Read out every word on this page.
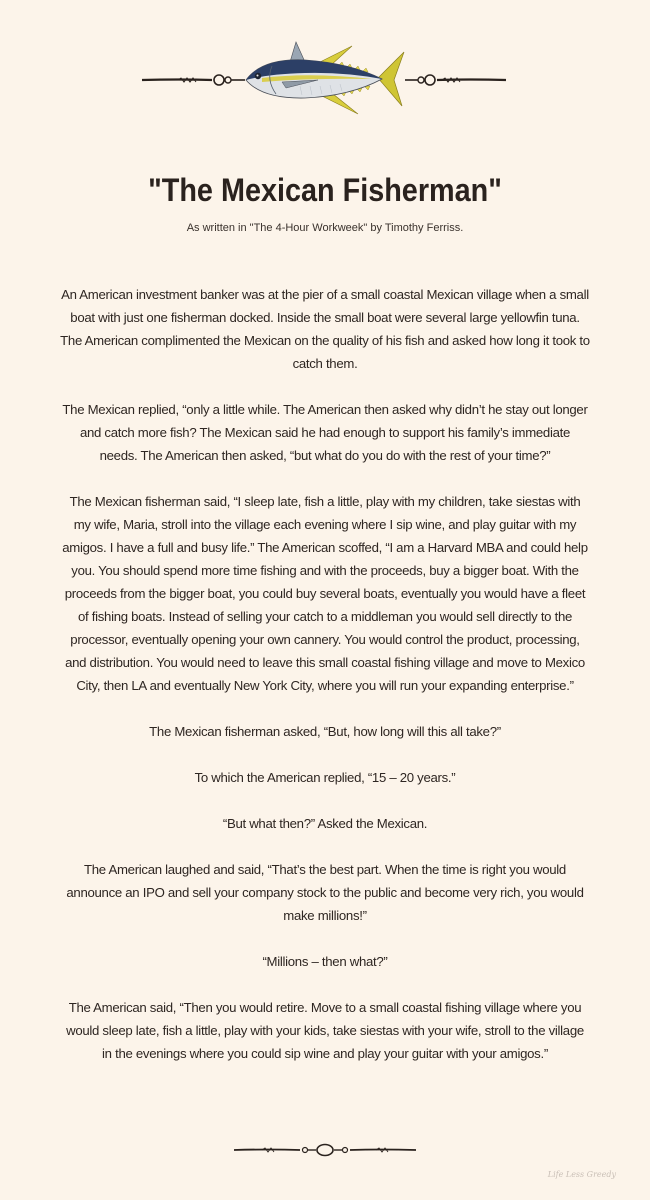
"The Mexican Fisherman"
As written in "The 4-Hour Workweek" by Timothy Ferriss.

An American investment banker was at the pier of a small coastal Mexican village when a small boat with just one fisherman docked. Inside the small boat were several large yellowfin tuna. The American complimented the Mexican on the quality of his fish and asked how long it took to catch them.

The Mexican replied, “only a little while. The American then asked why didn’t he stay out longer and catch more fish? The Mexican said he had enough to support his family’s immediate needs. The American then asked, “but what do you do with the rest of your time?”

The Mexican fisherman said, “I sleep late, fish a little, play with my children, take siestas with my wife, Maria, stroll into the village each evening where I sip wine, and play guitar with my amigos. I have a full and busy life.” The American scoffed, “I am a Harvard MBA and could help you. You should spend more time fishing and with the proceeds, buy a bigger boat. With the proceeds from the bigger boat, you could buy several boats, eventually you would have a fleet of fishing boats. Instead of selling your catch to a middleman you would sell directly to the processor, eventually opening your own cannery. You would control the product, processing, and distribution. You would need to leave this small coastal fishing village and move to Mexico City, then LA and eventually New York City, where you will run your expanding enterprise.”

The Mexican fisherman asked, “But, how long will this all take?”

To which the American replied, “15 – 20 years.”

“But what then?” Asked the Mexican.

The American laughed and said, “That’s the best part. When the time is right you would announce an IPO and sell your company stock to the public and become very rich, you would make millions!”

“Millions – then what?”

The American said, “Then you would retire. Move to a small coastal fishing village where you would sleep late, fish a little, play with your kids, take siestas with your wife, stroll to the village in the evenings where you could sip wine and play your guitar with your amigos.”

Life Less Greedy
